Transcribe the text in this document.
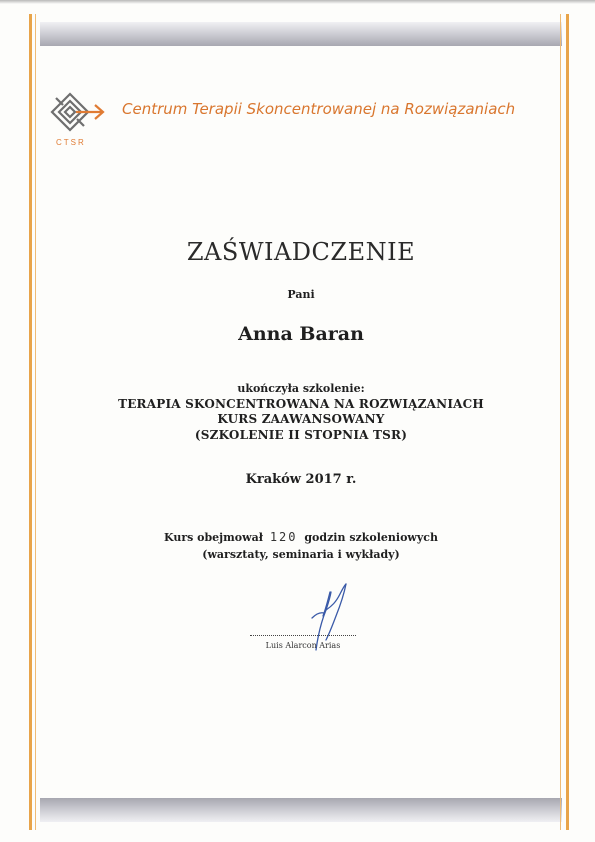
CTSR
Centrum Terapii Skoncentrowanej na Rozwiązaniach
ZAŚWIADCZENIE
Pani
Anna Baran
ukończyła szkolenie:
TERAPIA SKONCENTROWANA NA ROZWIĄZANIACH
KURS ZAAWANSOWANY
(SZKOLENIE II STOPNIA TSR)
Kraków 2017 r.
Kurs obejmował 120 godzin szkoleniowych
(warsztaty, seminaria i wykłady)
Luis Alarcon Arias
